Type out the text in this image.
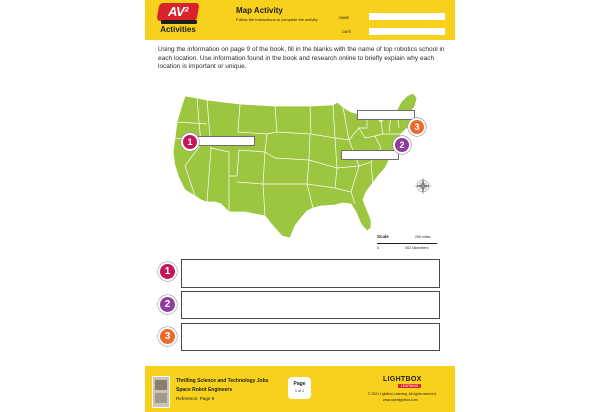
AV²
Activities
Map Activity
Follow the instructions to complete the activity.	NAME
DATE
Using the information on page 9 of the book, fill in the blanks with the name of top robotics school in each location. Use information found in the book and research online to briefly explain why each location is important or unique.
1
3
2
Scale	250 miles
0	402 kilometers
1
2
3
Thrilling Science and Technology Jobs
Space Robot Engineers
Reference: Page 9
Page
1 of 1
LIGHTBOX
LEARNING
© 2021 Lightbox Learning. All rights reserved.
www.openlightbox.com
